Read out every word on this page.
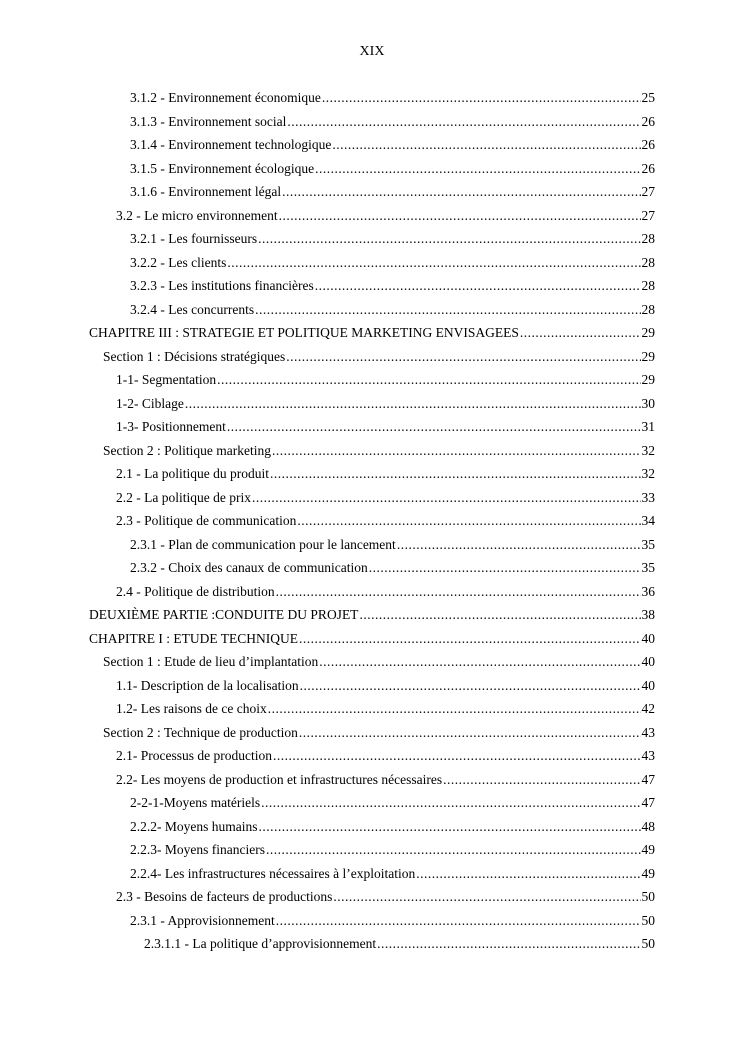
XIX
3.1.2 - Environnement économique .....	25
3.1.3 - Environnement social .....	26
3.1.4 - Environnement technologique .....	26
3.1.5 - Environnement écologique .....	26
3.1.6 - Environnement légal .....	27
3.2 - Le micro environnement .....	27
3.2.1 - Les fournisseurs .....	28
3.2.2 - Les clients .....	28
3.2.3 - Les institutions financières .....	28
3.2.4 - Les concurrents .....	28
CHAPITRE III : STRATEGIE ET POLITIQUE MARKETING ENVISAGEES .....	29
Section 1 : Décisions stratégiques .....	29
1-1- Segmentation .....	29
1-2- Ciblage .....	30
1-3- Positionnement .....	31
Section 2 : Politique marketing .....	32
2.1 - La politique du produit .....	32
2.2 - La politique de prix .....	33
2.3 - Politique de communication .....	34
2.3.1 - Plan de communication pour le lancement .....	35
2.3.2 - Choix des canaux de communication .....	35
2.4 - Politique de distribution .....	36
DEUXIÈME PARTIE :CONDUITE DU PROJET .....	38
CHAPITRE I : ETUDE TECHNIQUE .....	40
Section 1 : Etude de lieu d’implantation .....	40
1.1- Description de la localisation .....	40
1.2- Les raisons de ce choix .....	42
Section 2 : Technique de production .....	43
2.1- Processus de production .....	43
2.2- Les moyens de production et infrastructures nécessaires .....	47
2-2-1-Moyens matériels .....	47
2.2.2- Moyens humains .....	48
2.2.3- Moyens financiers .....	49
2.2.4- Les infrastructures nécessaires à l’exploitation .....	49
2.3 - Besoins de facteurs de productions .....	50
2.3.1 - Approvisionnement .....	50
2.3.1.1 - La politique d’approvisionnement .....	50
